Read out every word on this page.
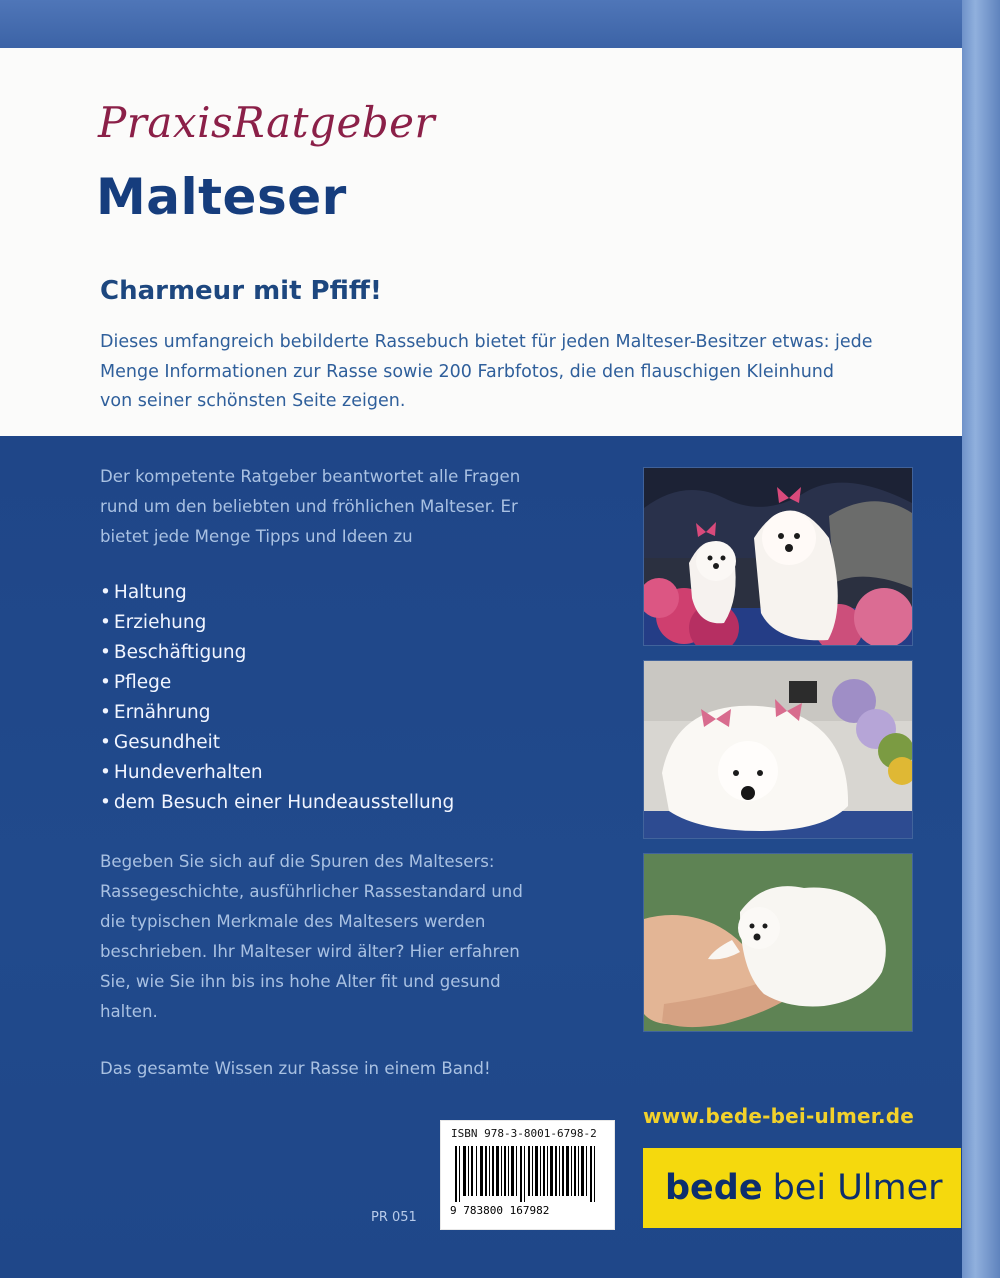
PraxisRatgeber
Malteser
Charmeur mit Pfiff!
Dieses umfangreich bebilderte Rassebuch bietet für jeden Malteser-Besitzer etwas: jede
Menge Informationen zur Rasse sowie 200 Farbfotos, die den flauschigen Kleinhund
von seiner schönsten Seite zeigen.
Der kompetente Ratgeber beantwortet alle Fragen
rund um den beliebten und fröhlichen Malteser. Er
bietet jede Menge Tipps und Ideen zu
• Haltung
• Erziehung
• Beschäftigung
• Pflege
• Ernährung
• Gesundheit
• Hundeverhalten
• dem Besuch einer Hundeausstellung
Begeben Sie sich auf die Spuren des Maltesers:
Rassegeschichte, ausführlicher Rassestandard und
die typischen Merkmale des Maltesers werden
beschrieben. Ihr Malteser wird älter? Hier erfahren
Sie, wie Sie ihn bis ins hohe Alter fit und gesund
halten.
Das gesamte Wissen zur Rasse in einem Band!
ISBN 978-3-8001-6798-2
9 783800 167982
PR 051
www.bede-bei-ulmer.de
bede bei Ulmer
